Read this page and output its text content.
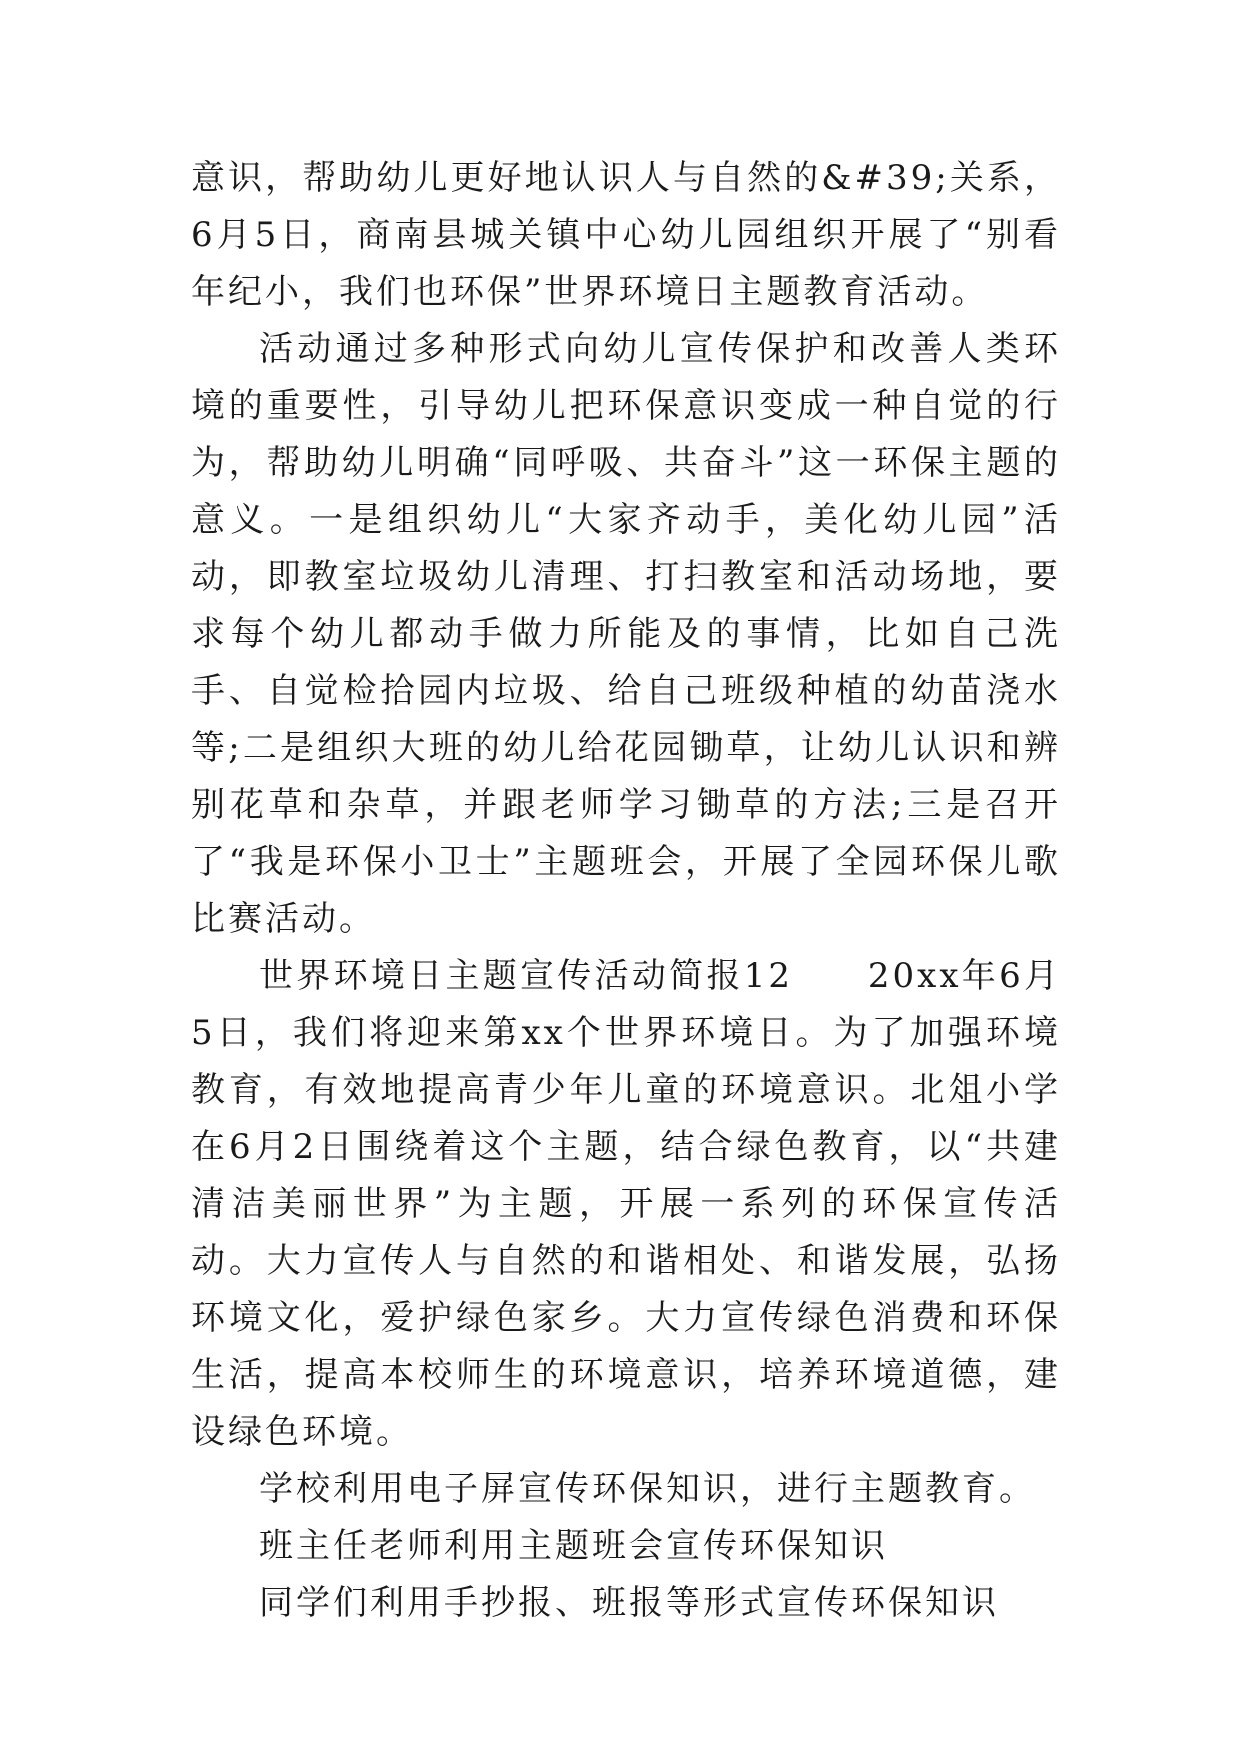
意识，帮助幼儿更好地认识人与自然的&#39;关系，6月5日，商南县城关镇中心幼儿园组织开展了“别看年纪小，我们也环保”世界环境日主题教育活动。

活动通过多种形式向幼儿宣传保护和改善人类环境的重要性，引导幼儿把环保意识变成一种自觉的行为，帮助幼儿明确“同呼吸、共奋斗”这一环保主题的意义。一是组织幼儿“大家齐动手，美化幼儿园”活动，即教室垃圾幼儿清理、打扫教室和活动场地，要求每个幼儿都动手做力所能及的事情，比如自己洗手、自觉检拾园内垃圾、给自己班级种植的幼苗浇水等;二是组织大班的幼儿给花园锄草，让幼儿认识和辨别花草和杂草，并跟老师学习锄草的方法;三是召开了“我是环保小卫士”主题班会，开展了全园环保儿歌比赛活动。

世界环境日主题宣传活动简报12　　20xx年6月5日，我们将迎来第xx个世界环境日。为了加强环境教育，有效地提高青少年儿童的环境意识。北俎小学在6月2日围绕着这个主题，结合绿色教育，以“共建清洁美丽世界”为主题，开展一系列的环保宣传活动。大力宣传人与自然的和谐相处、和谐发展，弘扬环境文化，爱护绿色家乡。大力宣传绿色消费和环保生活，提高本校师生的环境意识，培养环境道德，建设绿色环境。

学校利用电子屏宣传环保知识，进行主题教育。

班主任老师利用主题班会宣传环保知识

同学们利用手抄报、班报等形式宣传环保知识
